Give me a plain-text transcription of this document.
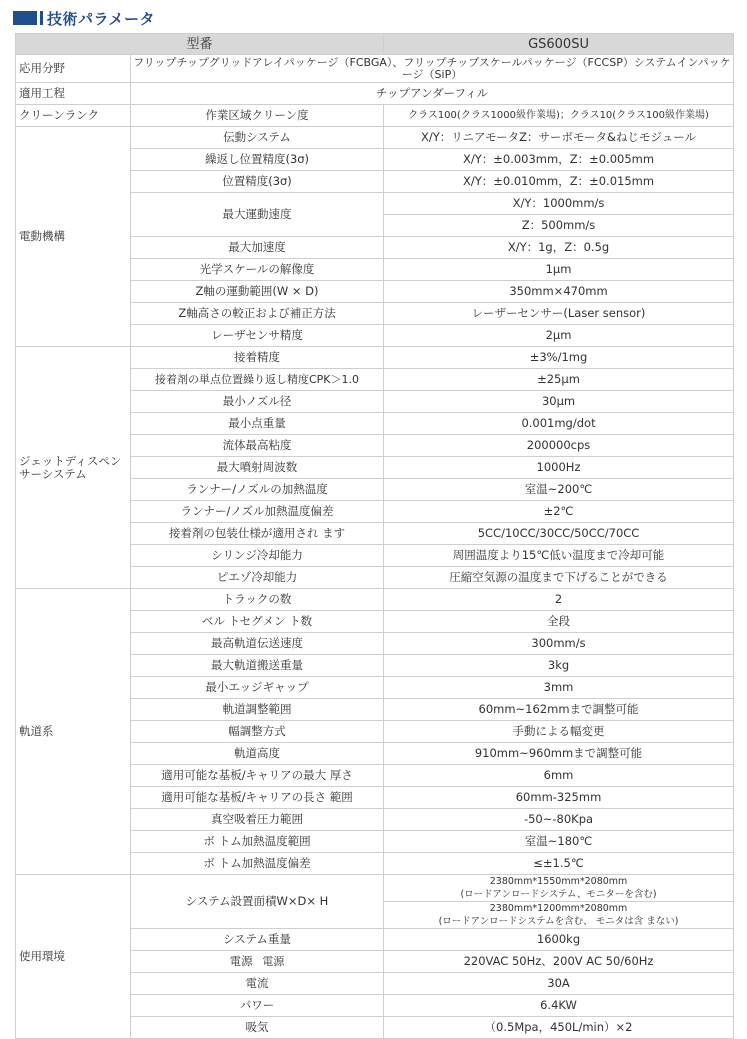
技術パラメータ
型番		GS600SU
応用分野	フリップチップグリッドアレイパッケージ（FCBGA）、フリップチップスケールパッケージ（FCCSP）システムインパッケージ（SiP）	
適用工程	チップアンダーフィル	
クリーンランク	作業区域クリーン度	クラス100(クラス1000級作業場)；クラス10(クラス100級作業場)
電動機構	伝動システム	X/Y：リニアモータZ：サーボモータ&ねじモジュール
	繰返し位置精度(3σ)	X/Y：±0.003mm，Z：±0.005mm
	位置精度(3σ)	X/Y：±0.010mm，Z：±0.015mm
	最大運動速度	X/Y：1000mm/s
		Z：500mm/s
	最大加速度	X/Y：1g，Z：0.5g
	光学スケールの解像度	1μm
	Z軸の運動範囲(W × D)	350mm×470mm
	Z軸高さの較正および補正方法	レーザーセンサー(Laser sensor)
	レーザセンサ精度	2μm
ジェットディスペンサーシステム	接着精度	±3%/1mg
	接着剤の単点位置繰り返し精度CPK＞1.0	±25μm
	最小ノズル径	30μm
	最小点重量	0.001mg/dot
	流体最高粘度	200000cps
	最大噴射周波数	1000Hz
	ランナー/ノズルの加熱温度	室温~200℃
	ランナー/ノズル加熱温度偏差	±2℃
	接着剤の包装仕様が適用され ます	5CC/10CC/30CC/50CC/70CC
	シリンジ冷却能力	周囲温度より15℃低い温度まで冷却可能
	ピエゾ冷却能力	圧縮空気源の温度まで下げることができる
軌道系	トラックの数	2
	ベル トセグメン ト数	全段
	最高軌道伝送速度	300mm/s
	最大軌道搬送重量	3kg
	最小エッジギャップ	3mm
	軌道調整範囲	60mm~162mmまで調整可能
	幅調整方式	手動による幅変更
	軌道高度	910mm~960mmまで調整可能
	適用可能な基板/キャリアの最大 厚さ	6mm
	適用可能な基板/キャリアの長さ 範囲	60mm-325mm
	真空吸着圧力範囲	-50~-80Kpa
	ボ トム加熱温度範囲	室温~180℃
	ボ トム加熱温度偏差	≤±1.5℃
使用環境	システム設置面積W×D× H	2380mm*1550mm*2080mm
(ロードアンロードシステム、モニターを含む)

		2380mm*1200mm*2080mm
(ロードアンロードシステムを含む、 モニタは含 まない)

	システム重量	1600kg
	電源 電源	220VAC 50Hz、200V AC 50/60Hz
	電流	30A
	パワー	6.4KW
	吸気	（0.5Mpa，450L/min）×2
